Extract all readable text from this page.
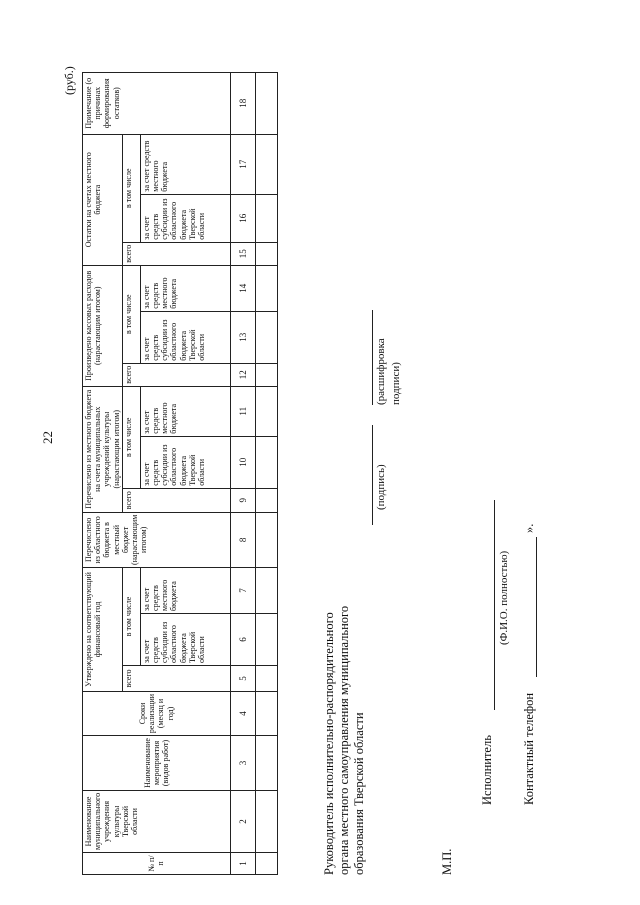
(руб.)
№ п/п	Наименование муниципального учреждения культуры Тверской области	Наименование мероприятия (видов работ)	Сроки реализации (месяц и год)	Утверждено на соответствующий финансовый год			Перечислено из областного бюджета в местный бюджет (нарастающим итогом)	Перечислено из местного бюджета на счета муниципальных учреждений культуры (нарастающим итогом)			Произведено кассовых расходов (нарастающим итогом)			Остатки на счетах местного бюджета			Примечание (о причинах формирования остатков)
				всего	в том числе			всего	в том числе		всего	в том числе		всего	в том числе		
					за счет средств субсидии из областного бюджета Тверской области	за счет средств местного бюджета			за счет средств субсидии из областного бюджета Тверской области	за счет средств местного бюджета		за счет средств субсидии из областного бюджета Тверской области	за счет средств местного бюджета		за счет средств субсидии из областного бюджета Тверской области	за счет средств местного бюджета	
1	2	3	4	5	6	7	8	9	10	11	12	13	14	15	16	17	18

Руководитель исполнительно-распорядительного органа местного самоуправления муниципального образования Тверской области
(подпись)
(расшифровка подписи)
М.П.
Исполнитель
(Ф.И.О. полностью)
Контактный телефон
».
22
